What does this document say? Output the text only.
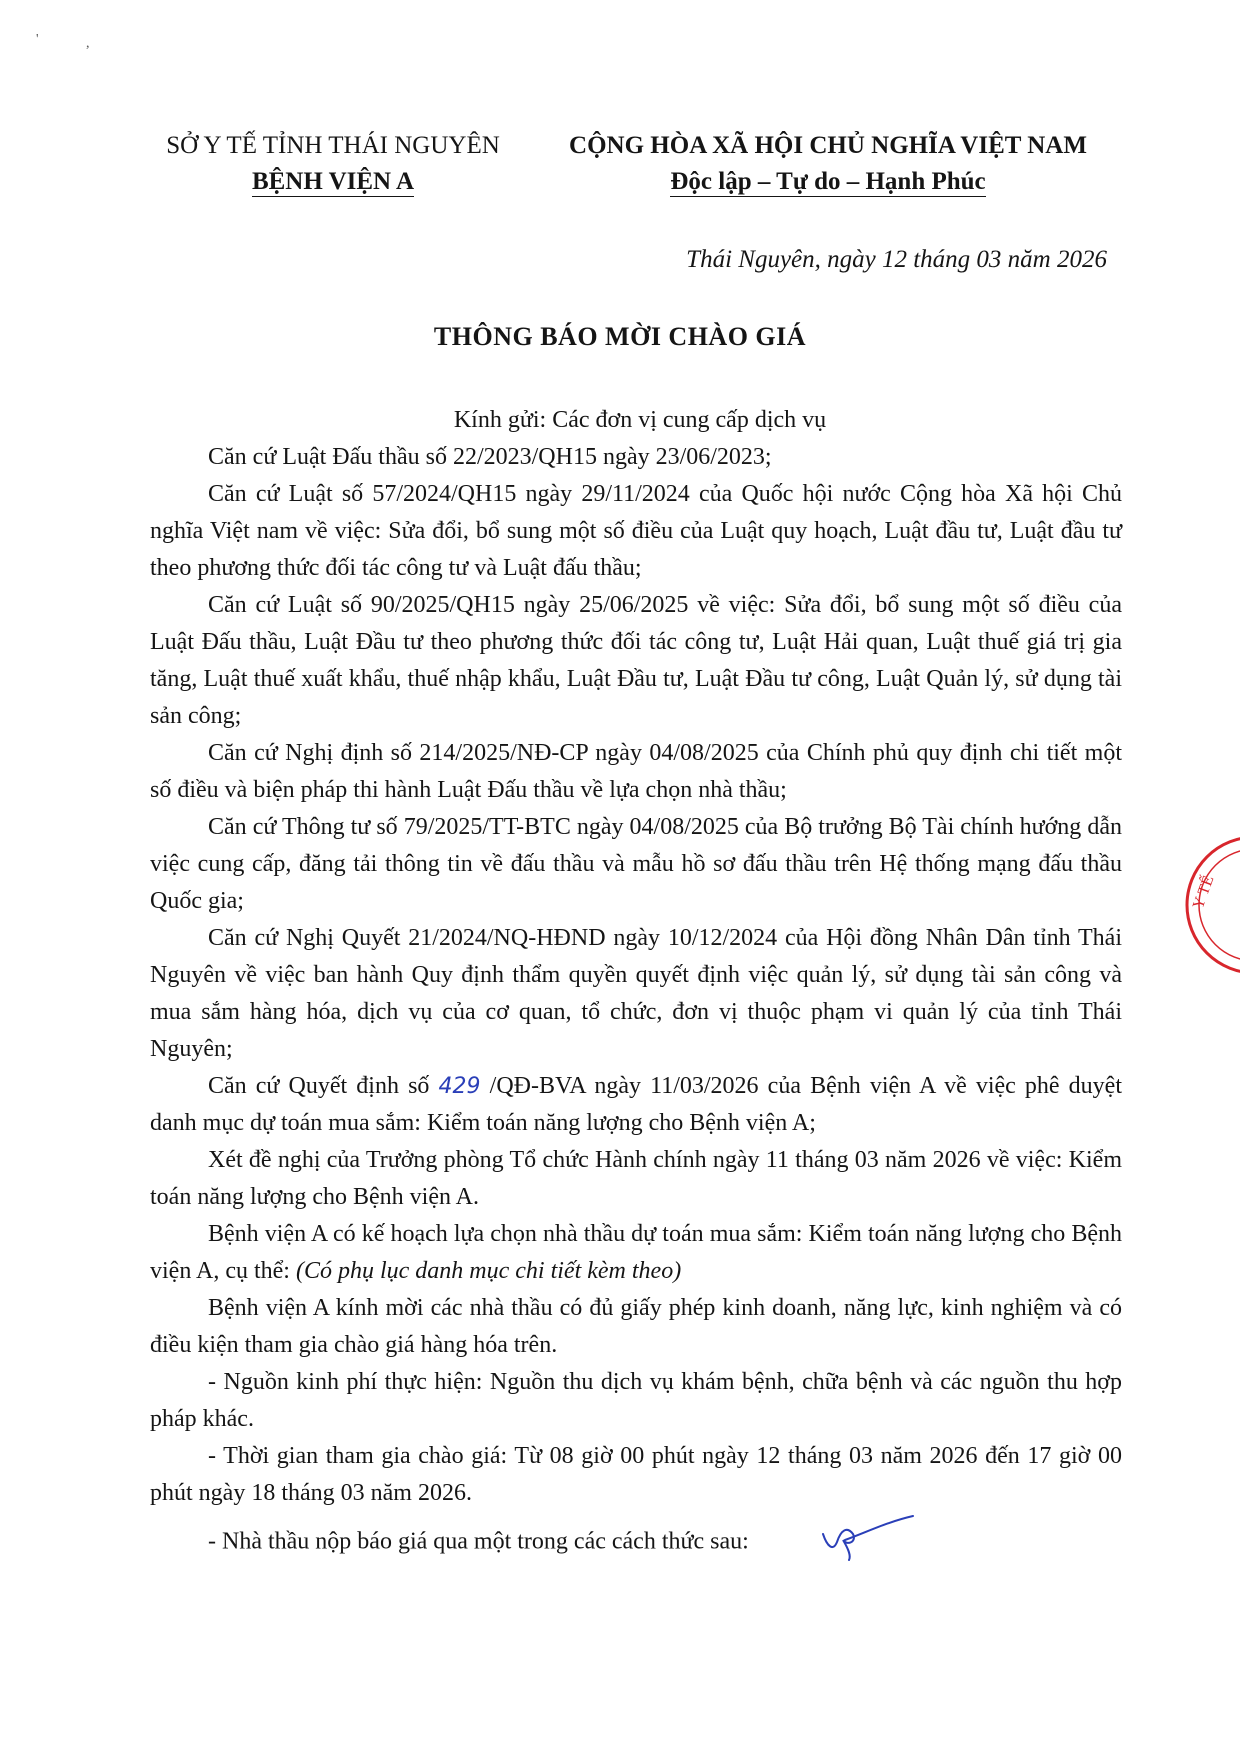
'	,
SỞ Y TẾ TỈNH THÁI NGUYÊN
BỆNH VIỆN A
CỘNG HÒA XÃ HỘI CHỦ NGHĨA VIỆT NAM
Độc lập – Tự do – Hạnh Phúc
Thái Nguyên, ngày 12 tháng 03 năm 2026
THÔNG BÁO MỜI CHÀO GIÁ

Kính gửi: Các đơn vị cung cấp dịch vụ

Căn cứ Luật Đấu thầu số 22/2023/QH15 ngày 23/06/2023;

Căn cứ Luật số 57/2024/QH15 ngày 29/11/2024 của Quốc hội nước Cộng hòa Xã hội Chủ nghĩa Việt nam về việc: Sửa đổi, bổ sung một số điều của Luật quy hoạch, Luật đầu tư, Luật đầu tư theo phương thức đối tác công tư và Luật đấu thầu;

Căn cứ Luật số 90/2025/QH15 ngày 25/06/2025 về việc: Sửa đổi, bổ sung một số điều của Luật Đấu thầu, Luật Đầu tư theo phương thức đối tác công tư, Luật Hải quan, Luật thuế giá trị gia tăng, Luật thuế xuất khẩu, thuế nhập khẩu, Luật Đầu tư, Luật Đầu tư công, Luật Quản lý, sử dụng tài sản công;

Căn cứ Nghị định số 214/2025/NĐ-CP ngày 04/08/2025 của Chính phủ quy định chi tiết một số điều và biện pháp thi hành Luật Đấu thầu về lựa chọn nhà thầu;

Căn cứ Thông tư số 79/2025/TT-BTC ngày 04/08/2025 của Bộ trưởng Bộ Tài chính hướng dẫn việc cung cấp, đăng tải thông tin về đấu thầu và mẫu hồ sơ đấu thầu trên Hệ thống mạng đấu thầu Quốc gia;

Căn cứ Nghị Quyết 21/2024/NQ-HĐND ngày 10/12/2024 của Hội đồng Nhân Dân tỉnh Thái Nguyên về việc ban hành Quy định thẩm quyền quyết định việc quản lý, sử dụng tài sản công và mua sắm hàng hóa, dịch vụ của cơ quan, tổ chức, đơn vị thuộc phạm vi quản lý của tỉnh Thái Nguyên;

Căn cứ Quyết định số 429 /QĐ-BVA ngày 11/03/2026 của Bệnh viện A về việc phê duyệt danh mục dự toán mua sắm: Kiểm toán năng lượng cho Bệnh viện A;

Xét đề nghị của Trưởng phòng Tổ chức Hành chính ngày 11 tháng 03 năm 2026 về việc: Kiểm toán năng lượng cho Bệnh viện A.

Bệnh viện A có kế hoạch lựa chọn nhà thầu dự toán mua sắm: Kiểm toán năng lượng cho Bệnh viện A, cụ thể: (Có phụ lục danh mục chi tiết kèm theo)

Bệnh viện A kính mời các nhà thầu có đủ giấy phép kinh doanh, năng lực, kinh nghiệm và có điều kiện tham gia chào giá hàng hóa trên.

- Nguồn kinh phí thực hiện: Nguồn thu dịch vụ khám bệnh, chữa bệnh và các nguồn thu hợp pháp khác.

- Thời gian tham gia chào giá: Từ 08 giờ 00 phút ngày 12 tháng 03 năm 2026 đến 17 giờ 00 phút ngày 18 tháng 03 năm 2026.

- Nhà thầu nộp báo giá qua một trong các cách thức sau:

Y TẾ
